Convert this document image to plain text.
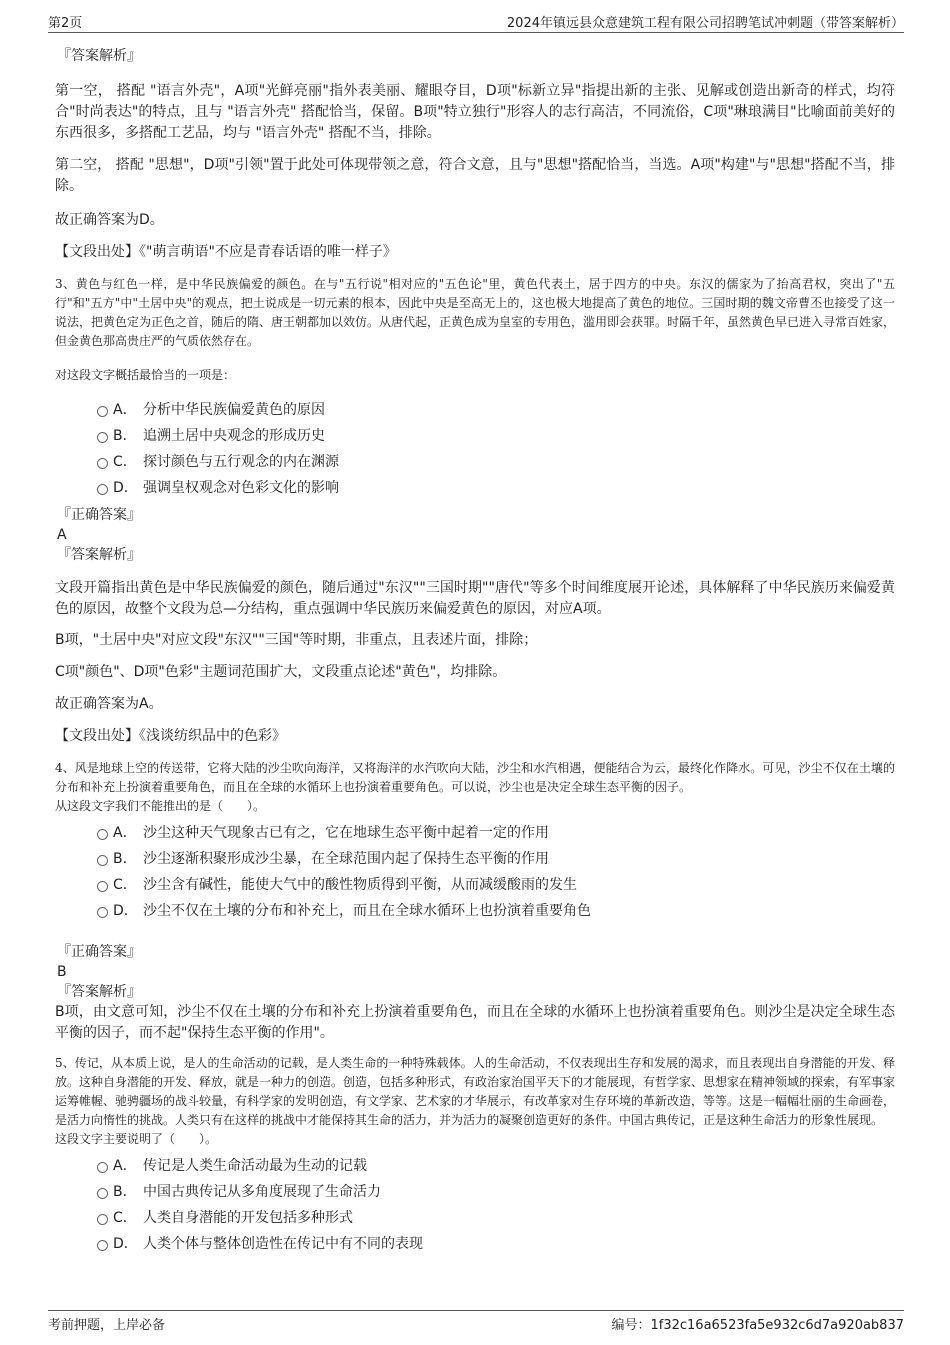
第2页	2024年镇远县众意建筑工程有限公司招聘笔试冲刺题（带答案解析）
『答案解析』

第一空， 搭配 "语言外壳"，A项"光鲜亮丽"指外表美丽、耀眼夺目，D项"标新立异"指提出新的主张、见解或创造出新奇的样式，均符合"时尚表达"的特点，且与 "语言外壳" 搭配恰当，保留。B项"特立独行"形容人的志行高洁，不同流俗，C项"琳琅满目"比喻面前美好的东西很多，多搭配工艺品，均与 "语言外壳" 搭配不当，排除。

第二空， 搭配 "思想"，D项"引领"置于此处可体现带领之意，符合文意，且与"思想"搭配恰当，当选。A项"构建"与"思想"搭配不当，排除。

故正确答案为D。

【文段出处】《"萌言萌语"不应是青春话语的唯一样子》

3、黄色与红色一样，是中华民族偏爱的颜色。在与"五行说"相对应的"五色论"里，黄色代表土，居于四方的中央。东汉的儒家为了抬高君权，突出了"五行"和"五方"中"土居中央"的观点，把土说成是一切元素的根本，因此中央是至高无上的，这也极大地提高了黄色的地位。三国时期的魏文帝曹丕也接受了这一说法，把黄色定为正色之首，随后的隋、唐王朝都加以效仿。从唐代起，正黄色成为皇室的专用色，滥用即会获罪。时隔千年，虽然黄色早已进入寻常百姓家，但金黄色那高贵庄严的气质依然存在。

对这段文字概括最恰当的一项是：

A． 分析中华民族偏爱黄色的原因
B． 追溯土居中央观念的形成历史
C． 探讨颜色与五行观念的内在渊源
D． 强调皇权观念对色彩文化的影响
『正确答案』
A
『答案解析』

文段开篇指出黄色是中华民族偏爱的颜色，随后通过"东汉""三国时期""唐代"等多个时间维度展开论述，具体解释了中华民族历来偏爱黄色的原因，故整个文段为总—分结构，重点强调中华民族历来偏爱黄色的原因，对应A项。

B项，"土居中央"对应文段"东汉""三国"等时期，非重点，且表述片面，排除；

C项"颜色"、D项"色彩"主题词范围扩大，文段重点论述"黄色"，均排除。

故正确答案为A。

【文段出处】《浅谈纺织品中的色彩》

4、风是地球上空的传送带，它将大陆的沙尘吹向海洋，又将海洋的水汽吹向大陆，沙尘和水汽相遇，便能结合为云，最终化作降水。可见，沙尘不仅在土壤的分布和补充上扮演着重要角色，而且在全球的水循环上也扮演着重要角色。可以说，沙尘也是决定全球生态平衡的因子。

从这段文字我们不能推出的是（　　）。

A． 沙尘这种天气现象古已有之，它在地球生态平衡中起着一定的作用
B． 沙尘逐渐积聚形成沙尘暴，在全球范围内起了保持生态平衡的作用
C． 沙尘含有碱性，能使大气中的酸性物质得到平衡，从而减缓酸雨的发生
D． 沙尘不仅在土壤的分布和补充上，而且在全球水循环上也扮演着重要角色
『正确答案』
B
『答案解析』

B项，由文意可知，沙尘不仅在土壤的分布和补充上扮演着重要角色，而且在全球的水循环上也扮演着重要角色。则沙尘是决定全球生态平衡的因子，而不起"保持生态平衡的作用"。

5、传记，从本质上说，是人的生命活动的记载，是人类生命的一种特殊载体。人的生命活动，不仅表现出生存和发展的渴求，而且表现出自身潜能的开发、释放。这种自身潜能的开发、释放，就是一种力的创造。创造，包括多种形式，有政治家治国平天下的才能展现，有哲学家、思想家在精神领域的探索，有军事家运筹帷幄、驰骋疆场的战斗较量，有科学家的发明创造，有文学家、艺术家的才华展示，有改革家对生存环境的革新改造，等等。这是一幅幅壮丽的生命画卷，是活力向惰性的挑战。人类只有在这样的挑战中才能保持其生命的活力，并为活力的凝聚创造更好的条件。中国古典传记，正是这种生命活力的形象性展现。

这段文字主要说明了（　　）。

A． 传记是人类生命活动最为生动的记载
B． 中国古典传记从多角度展现了生命活力
C． 人类自身潜能的开发包括多种形式
D． 人类个体与整体创造性在传记中有不同的表现
考前押题，上岸必备	编号：1f32c16a6523fa5e932c6d7a920ab837
